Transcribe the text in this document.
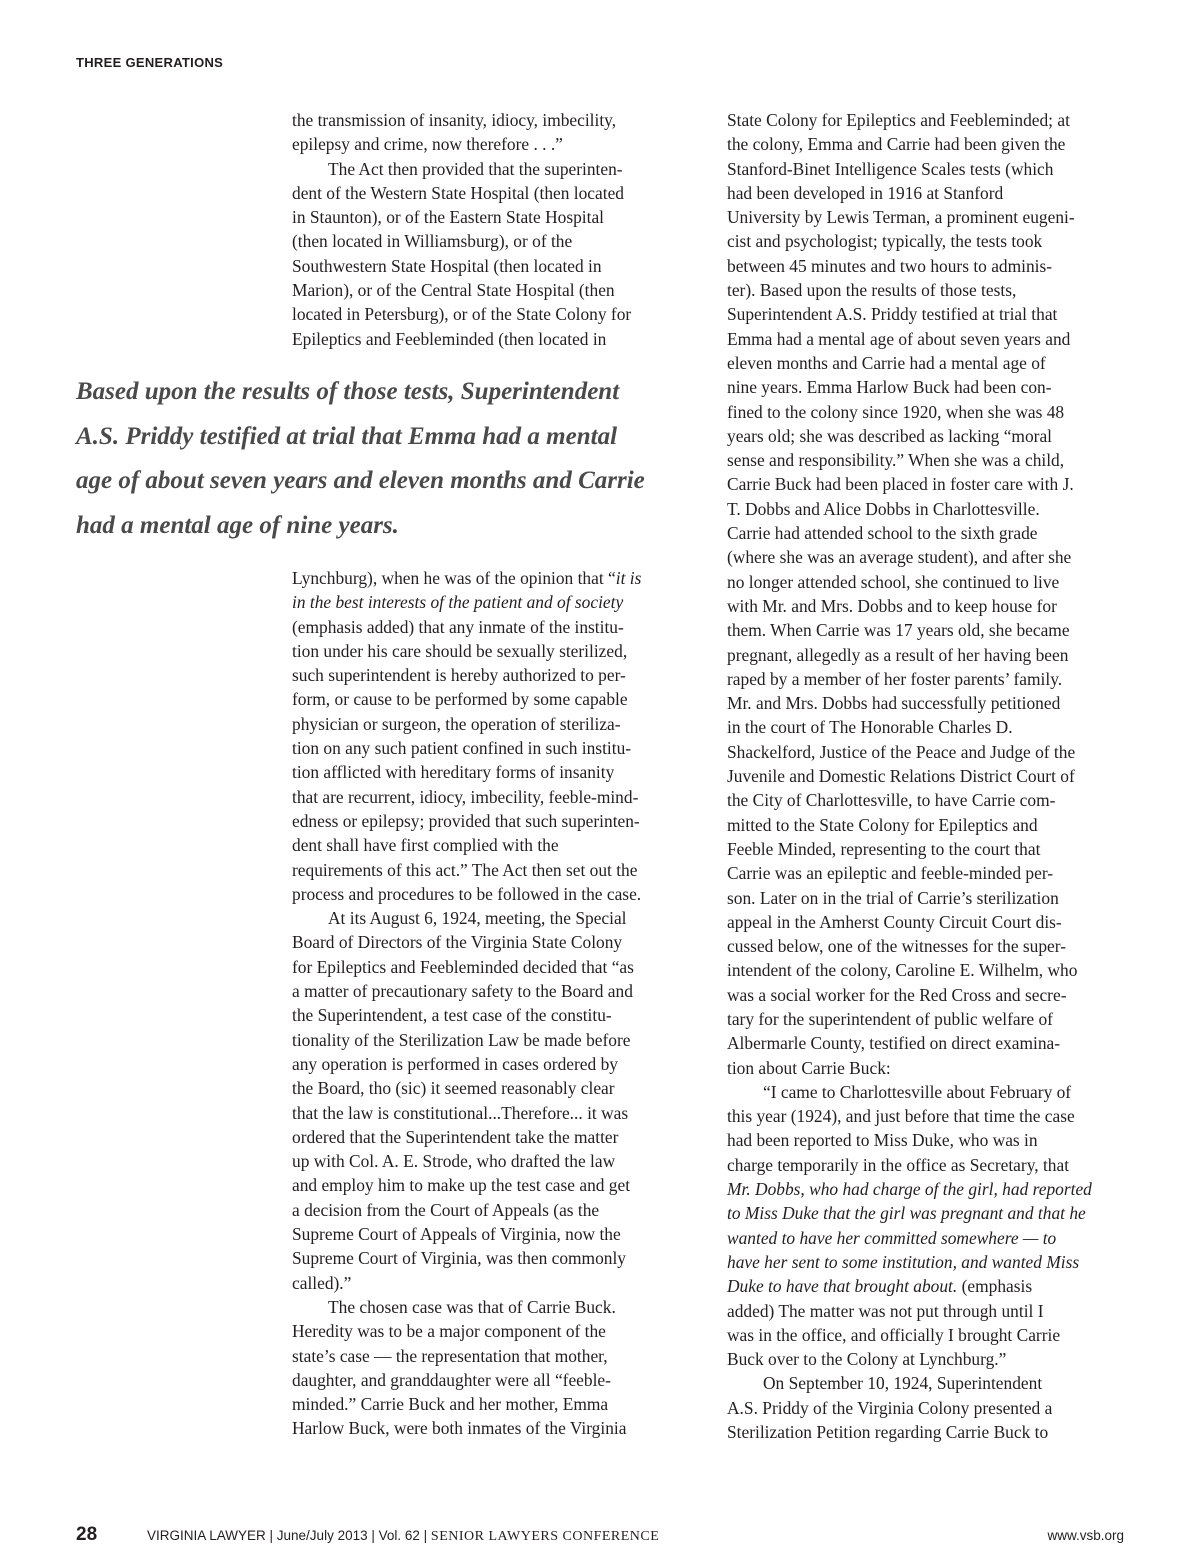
THREE GENERATIONS

the transmission of insanity, idiocy, imbecility,

epilepsy and crime, now therefore . . .”

The Act then provided that the superinten-

dent of the Western State Hospital (then located

in Staunton), or of the Eastern State Hospital

(then located in Williamsburg), or of the

Southwestern State Hospital (then located in

Marion), or of the Central State Hospital (then

located in Petersburg), or of the State Colony for

Epileptics and Feebleminded (then located in

Based upon the results of those tests, Superintendent
A.S. Priddy testified at trial that Emma had a mental
age of about seven years and eleven months and Carrie
had a mental age of nine years.

Lynchburg), when he was of the opinion that “it is

in the best interests of the patient and of society

(emphasis added) that any inmate of the institu-

tion under his care should be sexually sterilized,

such superintendent is hereby authorized to per-

form, or cause to be performed by some capable

physician or surgeon, the operation of steriliza-

tion on any such patient confined in such institu-

tion afflicted with hereditary forms of insanity

that are recurrent, idiocy, imbecility, feeble-mind-

edness or epilepsy; provided that such superinten-

dent shall have first complied with the

requirements of this act.” The Act then set out the

process and procedures to be followed in the case.

At its August 6, 1924, meeting, the Special

Board of Directors of the Virginia State Colony

for Epileptics and Feebleminded decided that “as

a matter of precautionary safety to the Board and

the Superintendent, a test case of the constitu-

tionality of the Sterilization Law be made before

any operation is performed in cases ordered by

the Board, tho (sic) it seemed reasonably clear

that the law is constitutional...Therefore... it was

ordered that the Superintendent take the matter

up with Col. A. E. Strode, who drafted the law

and employ him to make up the test case and get

a decision from the Court of Appeals (as the

Supreme Court of Appeals of Virginia, now the

Supreme Court of Virginia, was then commonly

called).”

The chosen case was that of Carrie Buck.

Heredity was to be a major component of the

state’s case — the representation that mother,

daughter, and granddaughter were all “feeble-

minded.” Carrie Buck and her mother, Emma

Harlow Buck, were both inmates of the Virginia

State Colony for Epileptics and Feebleminded; at

the colony, Emma and Carrie had been given the

Stanford-Binet Intelligence Scales tests (which

had been developed in 1916 at Stanford

University by Lewis Terman, a prominent eugeni-

cist and psychologist; typically, the tests took

between 45 minutes and two hours to adminis-

ter). Based upon the results of those tests,

Superintendent A.S. Priddy testified at trial that

Emma had a mental age of about seven years and

eleven months and Carrie had a mental age of

nine years. Emma Harlow Buck had been con-

fined to the colony since 1920, when she was 48

years old; she was described as lacking “moral

sense and responsibility.” When she was a child,

Carrie Buck had been placed in foster care with J.

T. Dobbs and Alice Dobbs in Charlottesville.

Carrie had attended school to the sixth grade

(where she was an average student), and after she

no longer attended school, she continued to live

with Mr. and Mrs. Dobbs and to keep house for

them. When Carrie was 17 years old, she became

pregnant, allegedly as a result of her having been

raped by a member of her foster parents’ family.

Mr. and Mrs. Dobbs had successfully petitioned

in the court of The Honorable Charles D.

Shackelford, Justice of the Peace and Judge of the

Juvenile and Domestic Relations District Court of

the City of Charlottesville, to have Carrie com-

mitted to the State Colony for Epileptics and

Feeble Minded, representing to the court that

Carrie was an epileptic and feeble-minded per-

son. Later on in the trial of Carrie’s sterilization

appeal in the Amherst County Circuit Court dis-

cussed below, one of the witnesses for the super-

intendent of the colony, Caroline E. Wilhelm, who

was a social worker for the Red Cross and secre-

tary for the superintendent of public welfare of

Albermarle County, testified on direct examina-

tion about Carrie Buck:

“I came to Charlottesville about February of

this year (1924), and just before that time the case

had been reported to Miss Duke, who was in

charge temporarily in the office as Secretary, that

Mr. Dobbs, who had charge of the girl, had reported

to Miss Duke that the girl was pregnant and that he

wanted to have her committed somewhere — to

have her sent to some institution, and wanted Miss

Duke to have that brought about. (emphasis

added) The matter was not put through until I

was in the office, and officially I brought Carrie

Buck over to the Colony at Lynchburg.”

On September 10, 1924, Superintendent

A.S. Priddy of the Virginia Colony presented a

Sterilization Petition regarding Carrie Buck to

28	VIRGINIA LAWYER | June/July 2013 | Vol. 62 | SENIOR LAWYERS CONFERENCE	www.vsb.org
